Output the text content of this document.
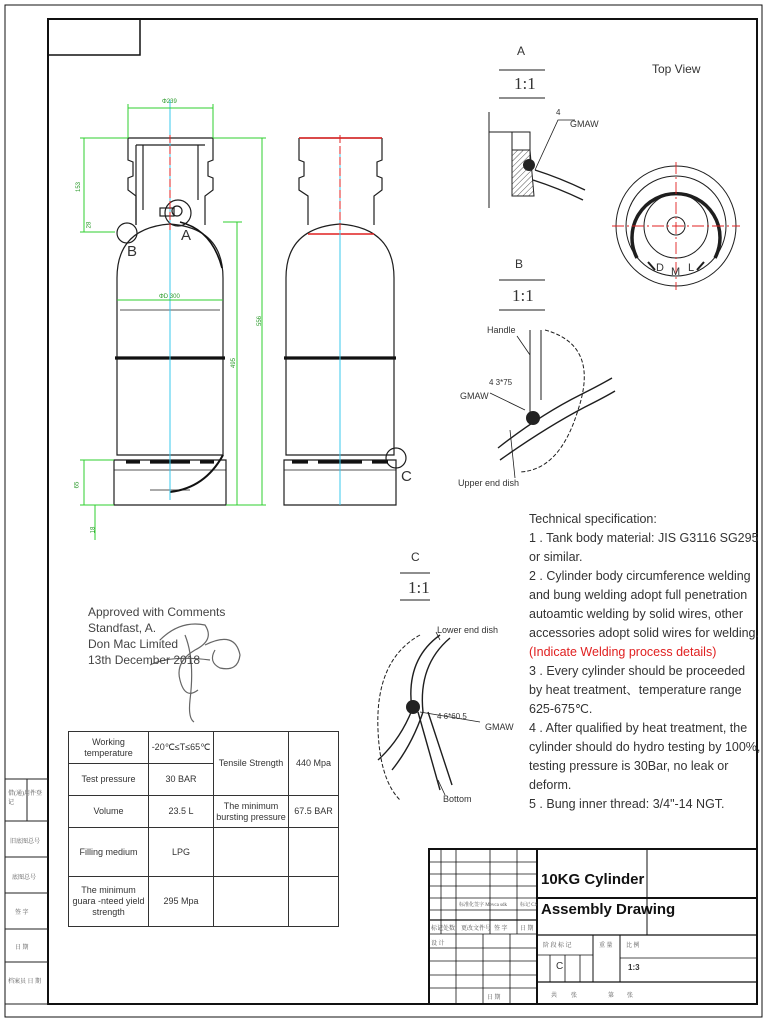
A
1:1
4
GMAW
Top View
D M L
B
1:1
Handle
4 3*75
GMAW
Upper end dish
C
1:1
Lower end dish
4 6*60.5
GMAW
Bottom
A
B
C
Φ239
ΦD 300
153
28
495
556
65
18
Technical specification:
1 . Tank body material: JIS G3116 SG295 or similar.
2 . Cylinder body circumference welding and bung welding adopt full penetration autoamtic welding by solid wires, other accessories adopt solid wires for welding. (Indicate Welding process details)
3 . Every cylinder should be proceeded by heat treatment、temperature range 625-675℃.
4 . After qualified by heat treatment, the cylinder should do hydro testing by 100%, testing pressure is 30Bar, no leak or deform.
5 . Bung inner thread: 3/4"-14 NGT.
Approved with Comments
Standfast, A.
Don Mac Limited
13th December 2018
Working temperature	-20℃≤T≤65℃	Tensile Strength	440 Mpa
Test pressure	30 BAR		
Volume	23.5 L	The minimum bursting pressure	67.5 BAR
Filling medium	LPG		
The minimum guara -nteed yield strength	295 Mpa		
10KG Cylinder
Assembly Drawing
C	1:3
标记 处数 更改文件号 签 字 日 期
设 计	阶 段 标 记	重 量 比 例
日 期	共 张	第 张
标准化签字 Mevca sdk	标记 CS
借(通)用件登记
旧底图总号
底图总号
签 字
日 期
档案员 日 期
